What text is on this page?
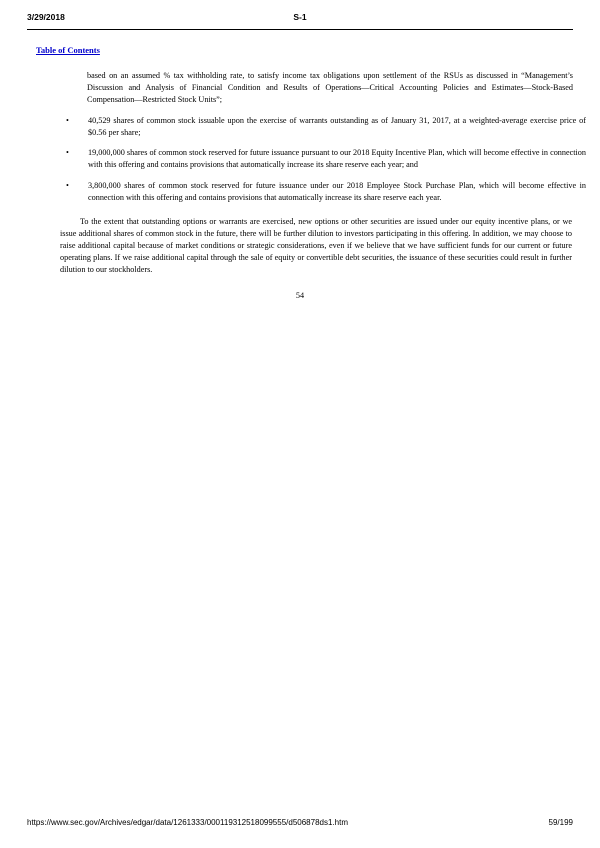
3/29/2018	S-1
Table of Contents
based on an assumed % tax withholding rate, to satisfy income tax obligations upon settlement of the RSUs as discussed in “Management’s Discussion and Analysis of Financial Condition and Results of Operations—Critical Accounting Policies and Estimates—Stock-Based Compensation—Restricted Stock Units”;
• 40,529 shares of common stock issuable upon the exercise of warrants outstanding as of January 31, 2017, at a weighted-average exercise price of $0.56 per share;
• 19,000,000 shares of common stock reserved for future issuance pursuant to our 2018 Equity Incentive Plan, which will become effective in connection with this offering and contains provisions that automatically increase its share reserve each year; and
• 3,800,000 shares of common stock reserved for future issuance under our 2018 Employee Stock Purchase Plan, which will become effective in connection with this offering and contains provisions that automatically increase its share reserve each year.
To the extent that outstanding options or warrants are exercised, new options or other securities are issued under our equity incentive plans, or we issue additional shares of common stock in the future, there will be further dilution to investors participating in this offering. In addition, we may choose to raise additional capital because of market conditions or strategic considerations, even if we believe that we have sufficient funds for our current or future operating plans. If we raise additional capital through the sale of equity or convertible debt securities, the issuance of these securities could result in further dilution to our stockholders.
54
https://www.sec.gov/Archives/edgar/data/1261333/000119312518099555/d506878ds1.htm	59/199
